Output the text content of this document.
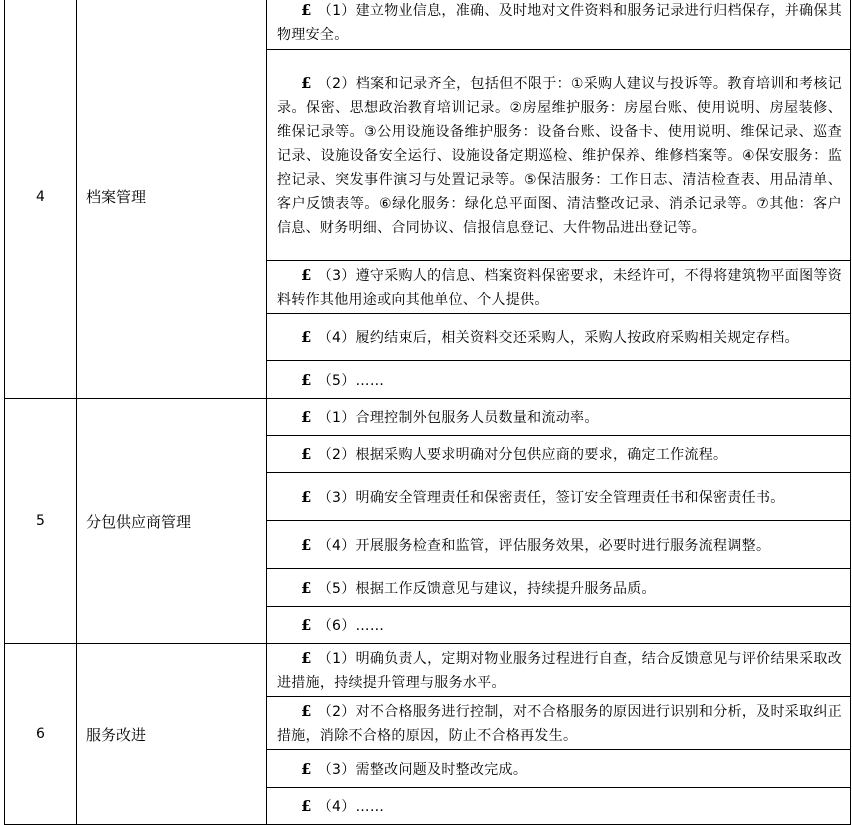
4	档案管理	£ （1）建立物业信息，准确、及时地对文件资料和服务记录进行归档保存，并确保其物理安全。
		£ （2）档案和记录齐全，包括但不限于：①采购人建议与投诉等。教育培训和考核记录。保密、思想政治教育培训记录。②房屋维护服务：房屋台账、使用说明、房屋装修、维保记录等。③公用设施设备维护服务：设备台账、设备卡、使用说明、维保记录、巡查记录、设施设备安全运行、设施设备定期巡检、维护保养、维修档案等。④保安服务：监控记录、突发事件演习与处置记录等。⑤保洁服务：工作日志、清洁检查表、用品清单、客户反馈表等。⑥绿化服务：绿化总平面图、清洁整改记录、消杀记录等。⑦其他：客户信息、财务明细、合同协议、信报信息登记、大件物品进出登记等。
		£ （3）遵守采购人的信息、档案资料保密要求，未经许可，不得将建筑物平面图等资料转作其他用途或向其他单位、个人提供。
		£ （4）履约结束后，相关资料交还采购人，采购人按政府采购相关规定存档。
		£ （5）……
5	分包供应商管理	£ （1）合理控制外包服务人员数量和流动率。
		£ （2）根据采购人要求明确对分包供应商的要求，确定工作流程。
		£ （3）明确安全管理责任和保密责任，签订安全管理责任书和保密责任书。
		£ （4）开展服务检查和监管，评估服务效果，必要时进行服务流程调整。
		£ （5）根据工作反馈意见与建议，持续提升服务品质。
		£ （6）……
6	服务改进	£ （1）明确负责人，定期对物业服务过程进行自查，结合反馈意见与评价结果采取改进措施，持续提升管理与服务水平。
		£ （2）对不合格服务进行控制，对不合格服务的原因进行识别和分析，及时采取纠正措施，消除不合格的原因，防止不合格再发生。
		£ （3）需整改问题及时整改完成。
		£ （4）……
